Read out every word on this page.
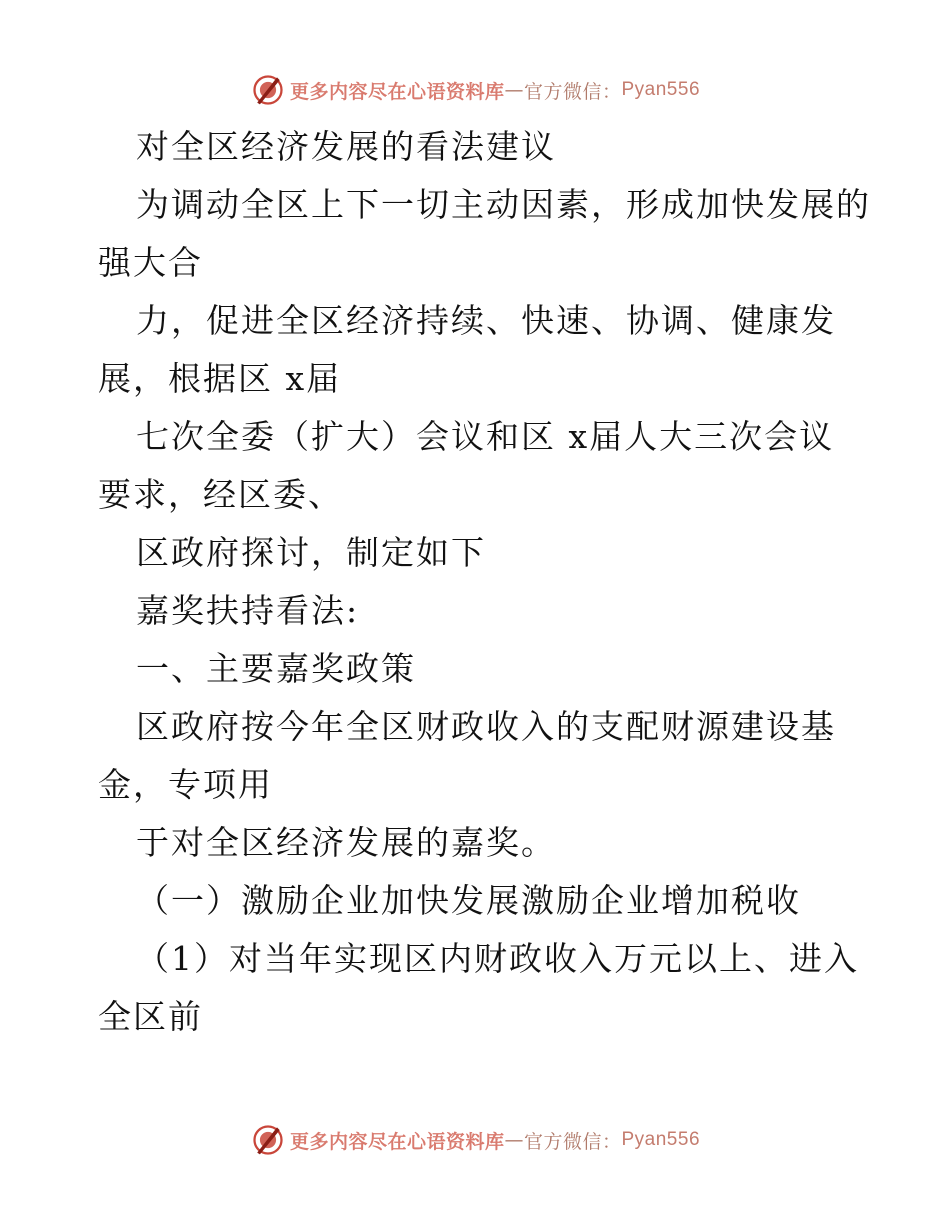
更多内容尽在心语资料库 — 官方微信： Pyan556
对全区经济发展的看法建议
为调动全区上下一切主动因素，形成加快发展的
强大合
力，促进全区经济持续、快速、协调、健康发
展，根据区 x届
七次全委（扩大）会议和区 x届人大三次会议
要求，经区委、
区政府探讨，制定如下
嘉奖扶持看法:
一、主要嘉奖政策
区政府按今年全区财政收入的支配财源建设基
金，专项用
于对全区经济发展的嘉奖。
（一）激励企业加快发展激励企业增加税收
（1）对当年实现区内财政收入万元以上、进入
全区前
更多内容尽在心语资料库 — 官方微信： Pyan556
